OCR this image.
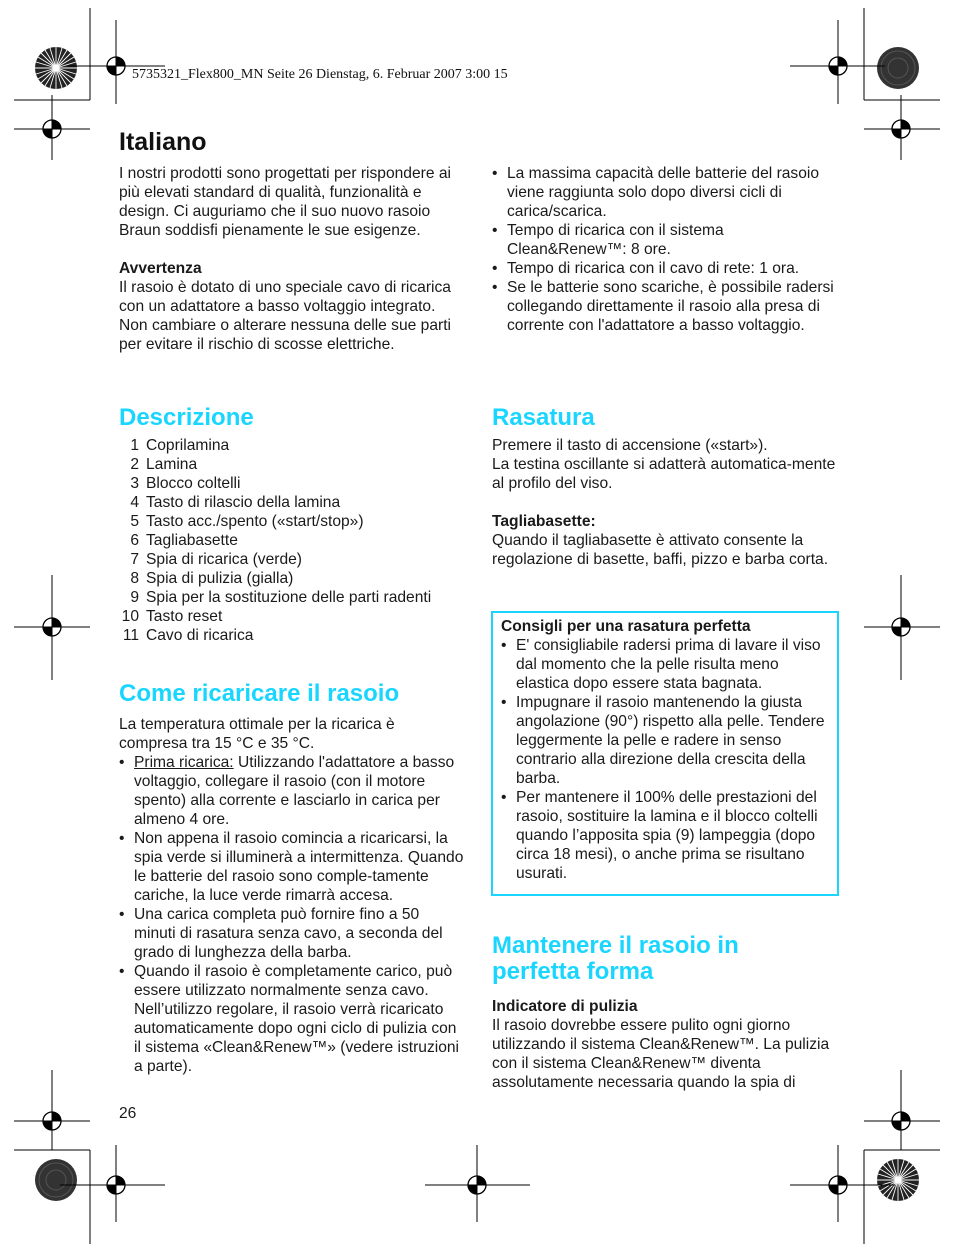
5735321_Flex800_MN Seite 26 Dienstag, 6. Februar 2007 3:00 15
Italiano

I nostri prodotti sono progettati per rispondere ai più elevati standard di qualità, funzionalità e design. Ci auguriamo che il suo nuovo rasoio Braun soddisfi pienamente le sue esigenze.

Avvertenza

Il rasoio è dotato di uno speciale cavo di ricarica con un adattatore a basso voltaggio integrato. Non cambiare o alterare nessuna delle sue parti per evitare il rischio di scosse elettriche.

• La massima capacità delle batterie del rasoio viene raggiunta solo dopo diversi cicli di carica/scarica.
• Tempo di ricarica con il sistema Clean&Renew™: 8 ore.
• Tempo di ricarica con il cavo di rete: 1 ora.
• Se le batterie sono scariche, è possibile radersi collegando direttamente il rasoio alla presa di corrente con l'adattatore a basso voltaggio.
Descrizione
1 Coprilamina
2 Lamina
3 Blocco coltelli
4 Tasto di rilascio della lamina
5 Tasto acc./spento («start/stop»)
6 Tagliabasette
7 Spia di ricarica (verde)
8 Spia di pulizia (gialla)
9 Spia per la sostituzione delle parti radenti
10 Tasto reset
11 Cavo di ricarica
Come ricaricare il rasoio

La temperatura ottimale per la ricarica è compresa tra 15 °C e 35 °C.

• Prima ricarica: Utilizzando l'adattatore a basso voltaggio, collegare il rasoio (con il motore spento) alla corrente e lasciarlo in carica per almeno 4 ore.
• Non appena il rasoio comincia a ricaricarsi, la spia verde si illuminerà a intermittenza. Quando le batterie del rasoio sono comple-tamente cariche, la luce verde rimarrà accesa.
• Una carica completa può fornire fino a 50 minuti di rasatura senza cavo, a seconda del grado di lunghezza della barba.
• Quando il rasoio è completamente carico, può essere utilizzato normalmente senza cavo. Nell’utilizzo regolare, il rasoio verrà ricaricato automaticamente dopo ogni ciclo di pulizia con il sistema «Clean&Renew™» (vedere istruzioni a parte).
Rasatura

Premere il tasto di accensione («start»).

La testina oscillante si adatterà automatica-mente al profilo del viso.

Tagliabasette:

Quando il tagliabasette è attivato consente la regolazione di basette, baffi, pizzo e barba corta.

Consigli per una rasatura perfetta

• E' consigliabile radersi prima di lavare il viso dal momento che la pelle risulta meno elastica dopo essere stata bagnata.
• Impugnare il rasoio mantenendo la giusta angolazione (90°) rispetto alla pelle. Tendere leggermente la pelle e radere in senso contrario alla direzione della crescita della barba.
• Per mantenere il 100% delle prestazioni del rasoio, sostituire la lamina e il blocco coltelli quando l’apposita spia (9) lampeggia (dopo circa 18 mesi), o anche prima se risultano usurati.
Mantenere il rasoio in perfetta forma

Indicatore di pulizia

Il rasoio dovrebbe essere pulito ogni giorno utilizzando il sistema Clean&Renew™. La pulizia con il sistema Clean&Renew™ diventa assolutamente necessaria quando la spia di

26
